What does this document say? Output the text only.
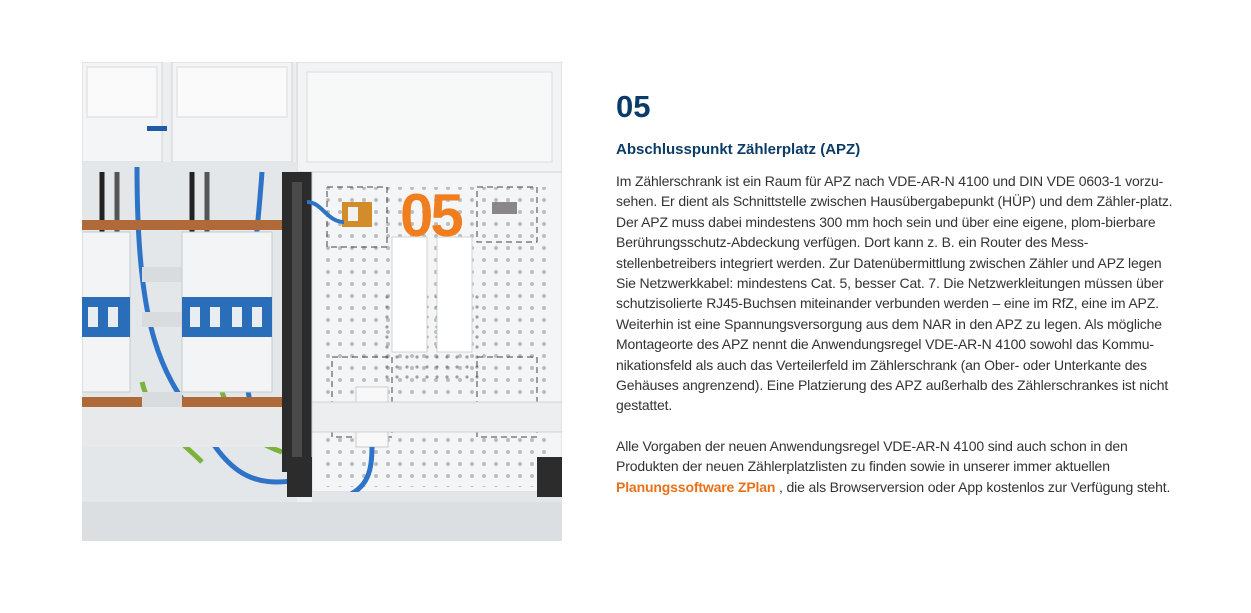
05
05
Abschlusspunkt Zählerplatz (APZ)

Im Zählerschrank ist ein Raum für APZ nach VDE-AR-N 4100 und DIN VDE 0603-1 vorzu-sehen. Er dient als Schnittstelle zwischen Hausübergabepunkt (HÜP) und dem Zähler-platz. Der APZ muss dabei mindestens 300 mm hoch sein und über eine eigene, plom-bierbare Berührungsschutz-Abdeckung verfügen. Dort kann z. B. ein Router des Mess-stellenbetreibers integriert werden. Zur Datenübermittlung zwischen Zähler und APZ legen Sie Netzwerkkabel: mindestens Cat. 5, besser Cat. 7. Die Netzwerkleitungen müssen über schutzisolierte RJ45-Buchsen miteinander verbunden werden – eine im RfZ, eine im APZ. Weiterhin ist eine Spannungsversorgung aus dem NAR in den APZ zu legen. Als mögliche Montageorte des APZ nennt die Anwendungsregel VDE-AR-N 4100 sowohl das Kommu-nikationsfeld als auch das Verteilerfeld im Zählerschrank (an Ober- oder Unterkante des Gehäuses angrenzend). Eine Platzierung des APZ außerhalb des Zählerschrankes ist nicht gestattet.

Alle Vorgaben der neuen Anwendungsregel VDE-AR-N 4100 sind auch schon in den Produkten der neuen Zählerplatzlisten zu finden sowie in unserer immer aktuellen Planungssoftware ZPlan , die als Browserversion oder App kostenlos zur Verfügung steht.
